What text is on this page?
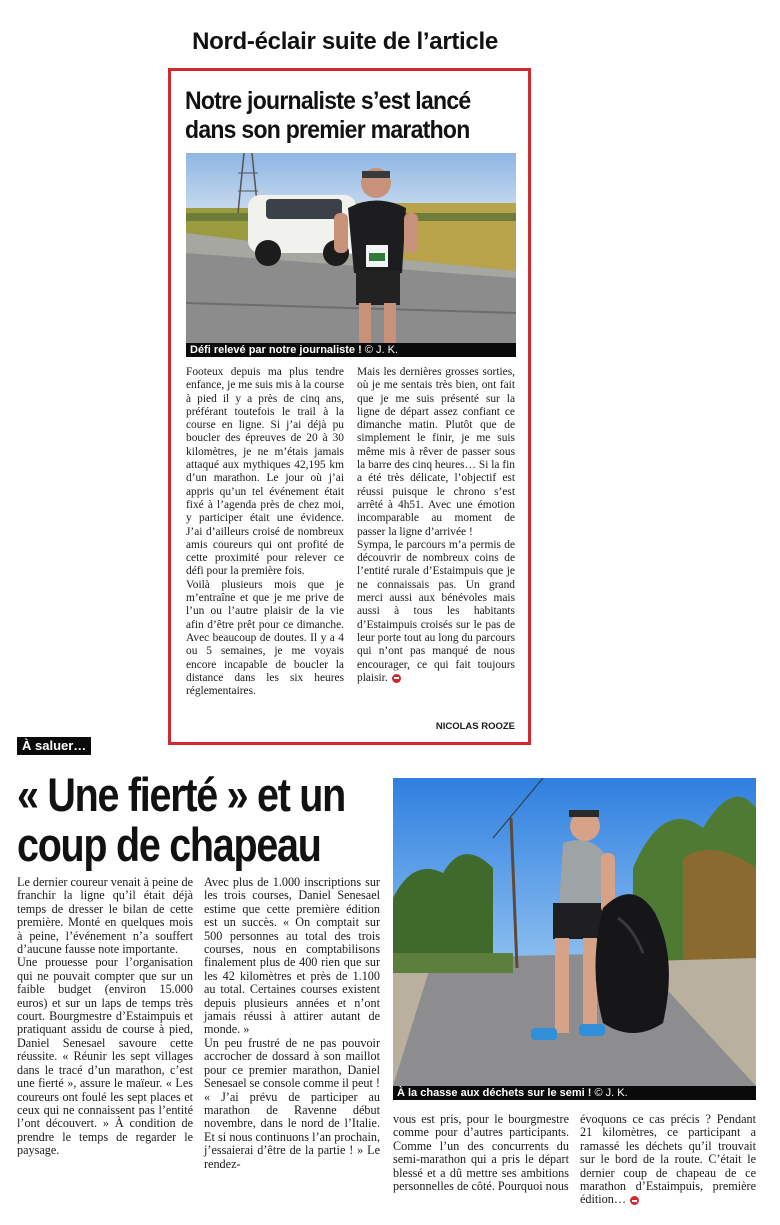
Nord-éclair suite de l’article
Notre journaliste s’est lancé dans son premier marathon
Défi relevé par notre journaliste ! © J. K.

Footeux depuis ma plus tendre enfance, je me suis mis à la course à pied il y a près de cinq ans, préférant toutefois le trail à la course en ligne. Si j’ai déjà pu boucler des épreuves de 20 à 30 kilomètres, je ne m’étais jamais attaqué aux mythiques 42,195 km d’un marathon. Le jour où j’ai appris qu’un tel événement était fixé à l’agenda près de chez moi, y participer était une évidence. J’ai d’ailleurs croisé de nombreux amis coureurs qui ont profité de cette proximité pour relever ce défi pour la première fois.

Voilà plusieurs mois que je m’entraîne et que je me prive de l’un ou l’autre plaisir de la vie afin d’être prêt pour ce dimanche. Avec beaucoup de doutes. Il y a 4 ou 5 semaines, je me voyais encore incapable de boucler la distance dans les six heures réglementaires.

Mais les dernières grosses sorties, où je me sentais très bien, ont fait que je me suis présenté sur la ligne de départ assez confiant ce dimanche matin. Plutôt que de simplement le finir, je me suis même mis à rêver de passer sous la barre des cinq heures… Si la fin a été très délicate, l’objectif est réussi puisque le chrono s’est arrêté à 4h51. Avec une émotion incomparable au moment de passer la ligne d’arrivée !

Sympa, le parcours m’a permis de découvrir de nombreux coins de l’entité rurale d’Estaimpuis que je ne connaissais pas. Un grand merci aussi aux bénévoles mais aussi à tous les habitants d’Estaimpuis croisés sur le pas de leur porte tout au long du parcours qui n’ont pas manqué de nous encourager, ce qui fait toujours plaisir.

NICOLAS ROOZE
À saluer…
« Une fierté » et un coup de chapeau
À la chasse aux déchets sur le semi ! © J. K.

Le dernier coureur venait à peine de franchir la ligne qu’il était déjà temps de dresser le bilan de cette première. Monté en quelques mois à peine, l’événement n’a souffert d’aucune fausse note importante.

Une prouesse pour l’organisation qui ne pouvait compter que sur un faible budget (environ 15.000 euros) et sur un laps de temps très court. Bourgmestre d’Estaimpuis et pratiquant assidu de course à pied, Daniel Senesael savoure cette réussite. « Réunir les sept villages dans le tracé d’un marathon, c’est une fierté », assure le maïeur. « Les coureurs ont foulé les sept places et ceux qui ne connaissent pas l’entité l’ont découvert. » À condition de prendre le temps de regarder le paysage.

Avec plus de 1.000 inscriptions sur les trois courses, Daniel Senesael estime que cette première édition est un succès. « On comptait sur 500 personnes au total des trois courses, nous en comptabilisons finalement plus de 400 rien que sur les 42 kilomètres et près de 1.100 au total. Certaines courses existent depuis plusieurs années et n’ont jamais réussi à attirer autant de monde. »

Un peu frustré de ne pas pouvoir accrocher de dossard à son maillot pour ce premier marathon, Daniel Senesael se console comme il peut ! « J’ai prévu de participer au marathon de Ravenne début novembre, dans le nord de l’Italie. Et si nous continuons l’an prochain, j’essaierai d’être de la partie ! » Le rendez-

vous est pris, pour le bourgmestre comme pour d’autres participants. Comme l’un des concurrents du semi-marathon qui a pris le départ blessé et a dû mettre ses ambitions personnelles de côté. Pourquoi nous

évoquons ce cas précis ? Pendant 21 kilomètres, ce participant a ramassé les déchets qu’il trouvait sur le bord de la route. C’était le dernier coup de chapeau de ce marathon d’Estaimpuis, première édition…
